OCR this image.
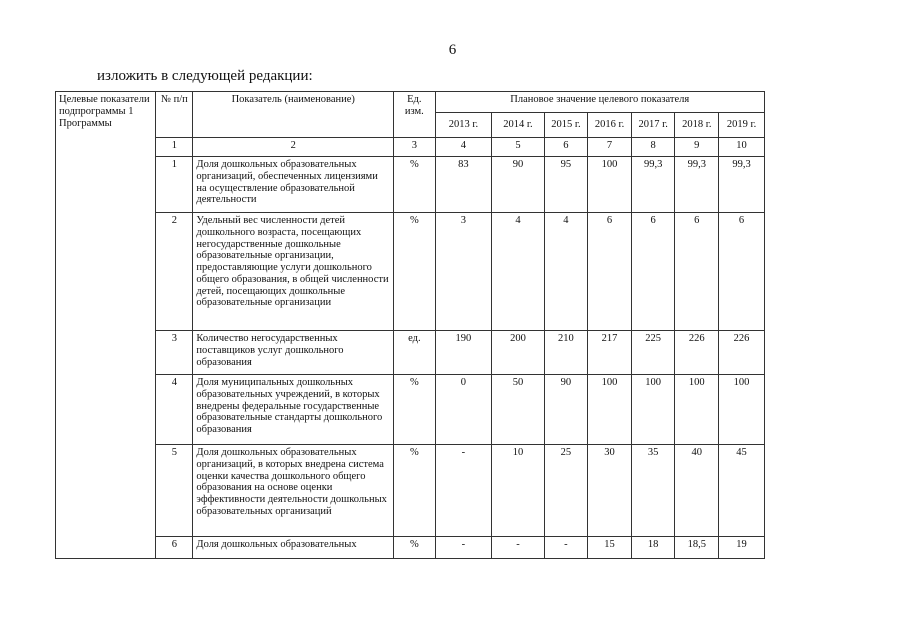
6
изложить в следующей редакции:
Целевые показатели подпрограммы 1 Программы	№ п/п	Показатель (наименование)	Ед. изм.	Плановое значение целевого показателя						
				2013 г.	2014 г.	2015 г.	2016 г.	2017 г.	2018 г.	2019 г.
	1	2	3	4	5	6	7	8	9	10
	1	Доля дошкольных образовательных организаций, обеспеченных лицензиями на осуществление образовательной деятельности	%	83	90	95	100	99,3	99,3	99,3
	2	Удельный вес численности детей дошкольного возраста, посещающих негосударственные дошкольные образовательные организации, предоставляющие услуги дошкольного общего образования, в общей численности детей, посещающих дошкольные образовательные организации	%	3	4	4	6	6	6	6
	3	Количество негосударственных поставщиков услуг дошкольного образования	ед.	190	200	210	217	225	226	226
	4	Доля муниципальных дошкольных образовательных учреждений, в которых внедрены федеральные государственные образовательные стандарты дошкольного образования	%	0	50	90	100	100	100	100
	5	Доля дошкольных образовательных организаций, в которых внедрена система оценки качества дошкольного общего образования на основе оценки эффективности деятельности дошкольных образовательных организаций	%	-	10	25	30	35	40	45
	6	Доля дошкольных образовательных	%	-	-	-	15	18	18,5	19
